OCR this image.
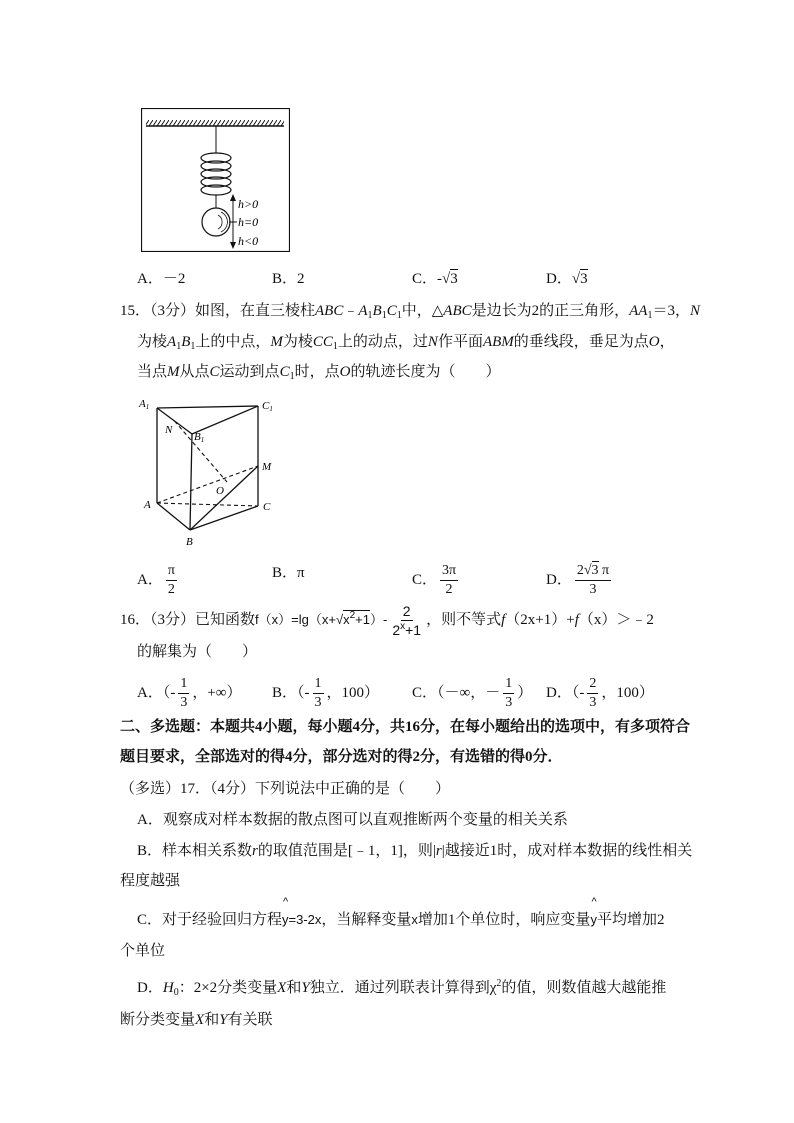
h>0
h=0
h<0
A．－2	B．2	C．-√3	D．√3
15．（3分）如图，在直三棱柱$ABC﹣A_1B_1C_1$中，△ABC是边长为2的正三角形，$AA_1=3$，N
为棱$A_1B_1$上的中点，M为棱$CC_1$上的动点，过N作平面ABM的垂线段，垂足为点O，
当点M从点C运动到点$C_1$时，点O的轨迹长度为（　　）
A1	C1
N
B1
M
O
A	C
B
A． $\frac{\pi}{2}$	B．π	C． $\frac{3\pi}{2}$	D． $\frac{2√3 \pi}{3}$
16．（3分）已知函数$f(x)=\lg(x+√x^2+1)- \frac{2}{2^x+1}$ ，则不等式f（2x+1）+f（x）＞﹣2
的解集为（　　）
A．（- $\frac{1}{3}$ ，+∞） B．（- $\frac{1}{3}$ ，100） C．（－∞，－ $\frac{1}{3}$ ） D．（- $\frac{2}{3}$ ，100）
二、多选题：本题共4小题，每小题4分，共16分，在每小题给出的选项中，有多项符合
题目要求，全部选对的得4分，部分选对的得2分，有选错的得0分．
（多选）17．（4分）下列说法中正确的是（　　）
A．观察成对样本数据的散点图可以直观推断两个变量的相关关系
B．样本相关系数r的取值范围是[﹣1，1]，则|r|越接近1时，成对样本数据的线性相关
程度越强
C．对于经验回归方程
^
y=3-2x，当解释变量x增加1个单位时，响应变量
^
y平均增加2
个单位
D．$H_0$：2×2分类变量X和Y独立．通过列联表计算得到$\chi^2$的值，则数值越大越能推
断分类变量X和Y有关联
